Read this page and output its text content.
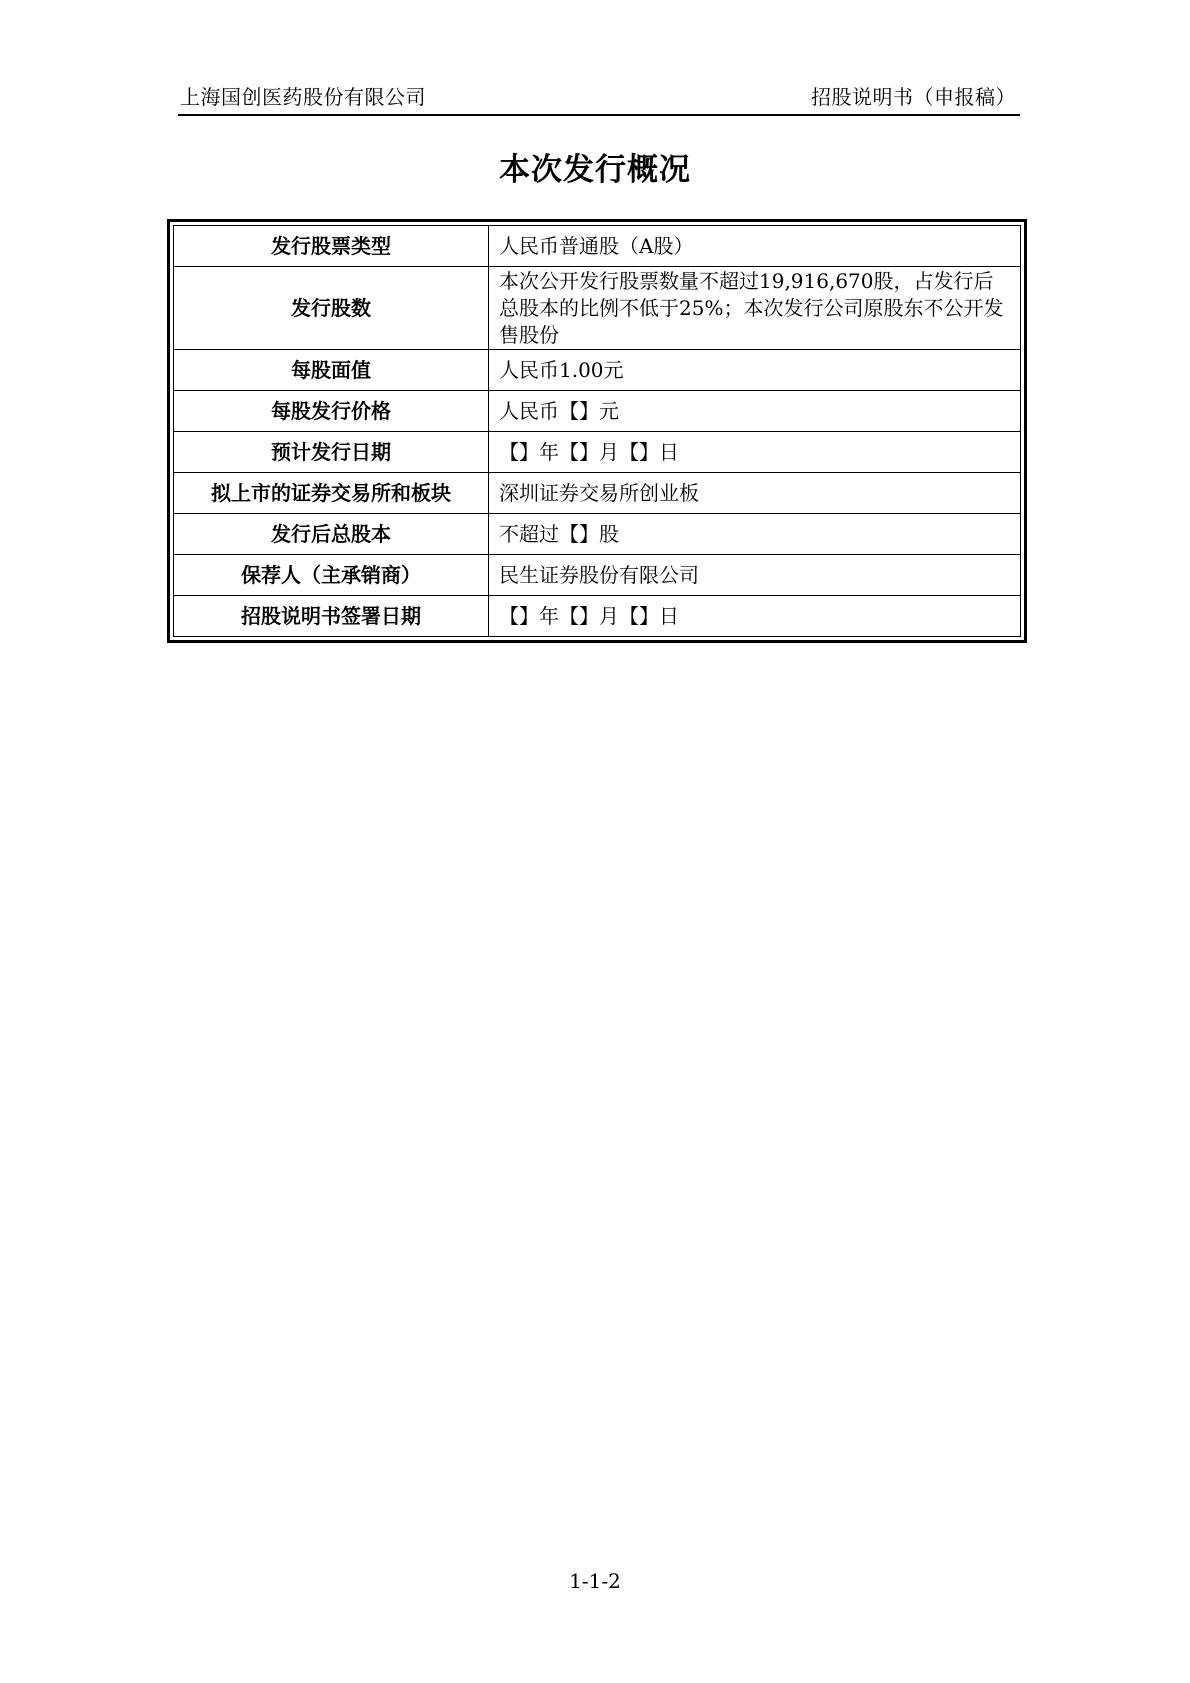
上海国创医药股份有限公司	招股说明书（申报稿）
本次发行概况
发行股票类型	人民币普通股（A股）
发行股数	本次公开发行股票数量不超过19,916,670股，占发行后总股本的比例不低于25%；本次发行公司原股东不公开发售股份
每股面值	人民币1.00元
每股发行价格	人民币【】元
预计发行日期	【】年【】月【】日
拟上市的证券交易所和板块	深圳证券交易所创业板
发行后总股本	不超过【】股
保荐人（主承销商）	民生证券股份有限公司
招股说明书签署日期	【】年【】月【】日
1-1-2
